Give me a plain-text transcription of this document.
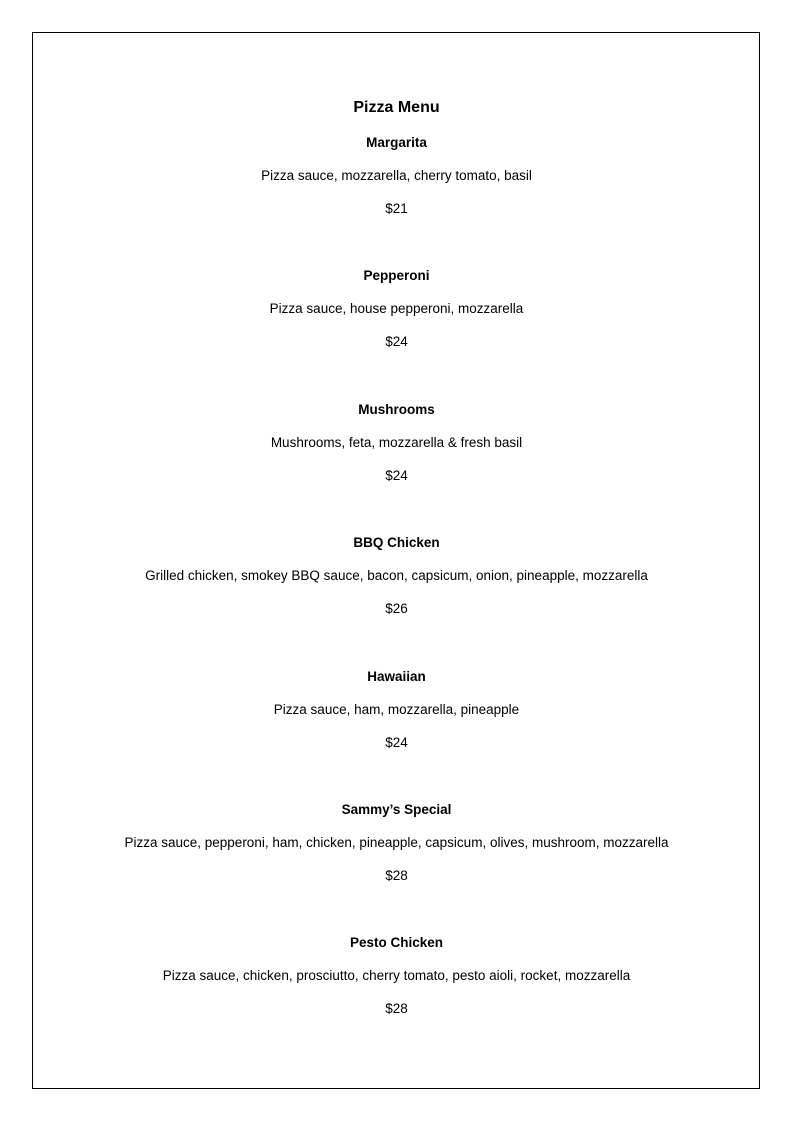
Pizza Menu
Margarita
Pizza sauce, mozzarella, cherry tomato, basil
$21
Pepperoni
Pizza sauce, house pepperoni, mozzarella
$24
Mushrooms
Mushrooms, feta, mozzarella & fresh basil
$24
BBQ Chicken
Grilled chicken, smokey BBQ sauce, bacon, capsicum, onion, pineapple, mozzarella
$26
Hawaiian
Pizza sauce, ham, mozzarella, pineapple
$24
Sammy’s Special
Pizza sauce, pepperoni, ham, chicken, pineapple, capsicum, olives, mushroom, mozzarella
$28
Pesto Chicken
Pizza sauce, chicken, prosciutto, cherry tomato, pesto aioli, rocket, mozzarella
$28
